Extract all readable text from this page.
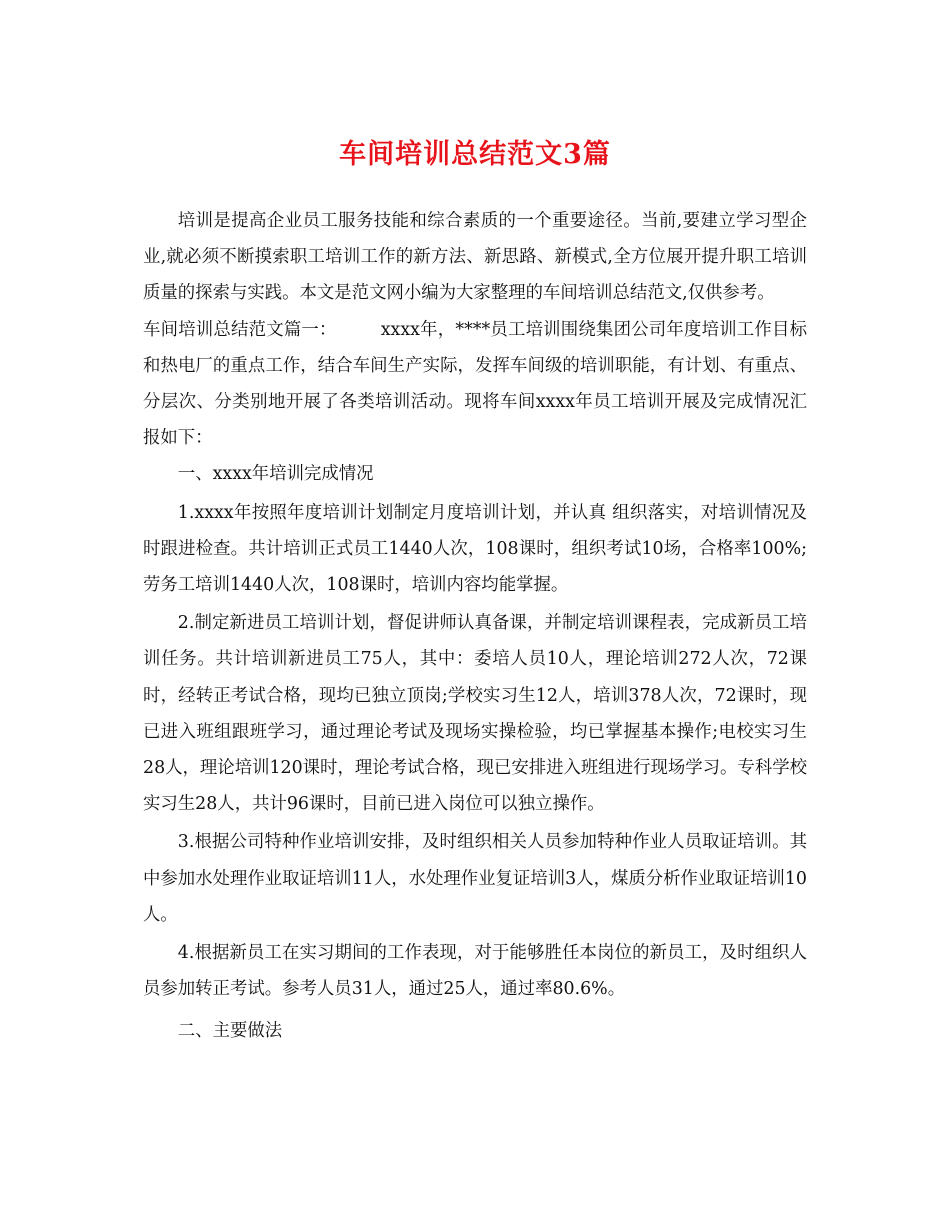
车间培训总结范文3篇

培训是提高企业员工服务技能和综合素质的一个重要途径。当前,要建立学习型企业,就必须不断摸索职工培训工作的新方法、新思路、新模式,全方位展开提升职工培训质量的探索与实践。本文是范文网小编为大家整理的车间培训总结范文,仅供参考。

车间培训总结范文篇一：　　　xxxx年，****员工培训围绕集团公司年度培训工作目标和热电厂的重点工作，结合车间生产实际，发挥车间级的培训职能，有计划、有重点、分层次、分类别地开展了各类培训活动。现将车间xxxx年员工培训开展及完成情况汇报如下：

一、xxxx年培训完成情况

1.xxxx年按照年度培训计划制定月度培训计划，并认真 组织落实，对培训情况及时跟进检查。共计培训正式员工1440人次，108课时，组织考试10场，合格率100%;劳务工培训1440人次，108课时，培训内容均能掌握。

2.制定新进员工培训计划，督促讲师认真备课，并制定培训课程表，完成新员工培训任务。共计培训新进员工75人，其中：委培人员10人，理论培训272人次，72课时，经转正考试合格，现均已独立顶岗;学校实习生12人，培训378人次，72课时，现已进入班组跟班学习，通过理论考试及现场实操检验，均已掌握基本操作;电校实习生28人，理论培训120课时，理论考试合格，现已安排进入班组进行现场学习。专科学校实习生28人，共计96课时，目前已进入岗位可以独立操作。

3.根据公司特种作业培训安排，及时组织相关人员参加特种作业人员取证培训。其中参加水处理作业取证培训11人，水处理作业复证培训3人，煤质分析作业取证培训10人。

4.根据新员工在实习期间的工作表现，对于能够胜任本岗位的新员工，及时组织人员参加转正考试。参考人员31人，通过25人，通过率80.6%。

二、主要做法
